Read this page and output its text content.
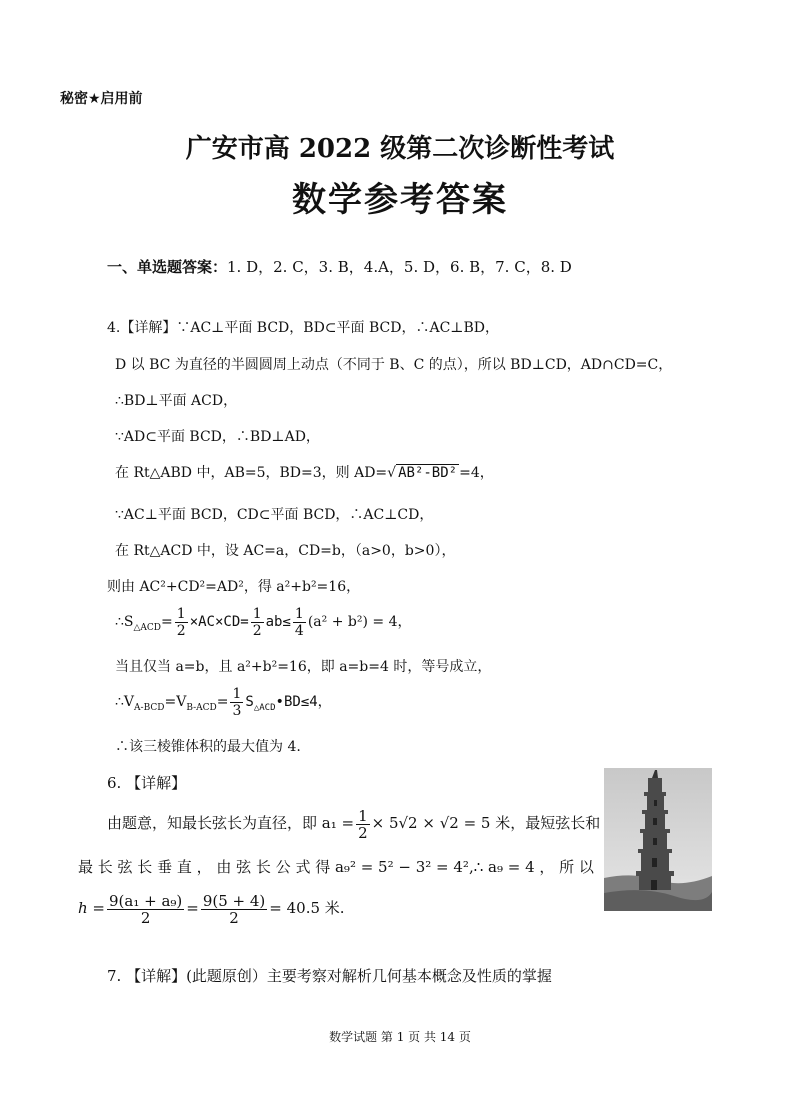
秘密★启用前
广安市高 2022 级第二次诊断性考试
数学参考答案
一、单选题答案：1. D，2. C，3. B，4.A，5. D，6. B，7. C，8. D
4.【详解】∵AC⊥平面 BCD，BD⊂平面 BCD，∴AC⊥BD，
D 以 BC 为直径的半圆圆周上动点（不同于 B、C 的点），所以 BD⊥CD，AD∩CD=C，
∴BD⊥平面 ACD，
∵AD⊂平面 BCD，∴BD⊥AD，
在 Rt△ABD 中，AB=5，BD=3，则 AD=√ AB²-BD² =4，
∵AC⊥平面 BCD，CD⊂平面 BCD，∴AC⊥CD，
在 Rt△ACD 中，设 AC=a，CD=b，（a>0，b>0），
则由 AC²+CD²=AD²，得 a²+b²=16，
$\therefore S_{\triangle ACD}= \frac{1}{2} \times AC\times CD= \frac{1}{2} ab\le \frac{1}{4} (a^2 + b^2) = 4$，
当且仅当 a=b，且 a²+b²=16，即 a=b=4 时，等号成立，
$\therefore V_{A-BCD}=V_{B-ACD}= \frac{1}{3}$ $S_{\triangle ACD}•BD\le 4$，
∴该三棱锥体积的最大值为 4.
6. 【详解】
由题意，知最长弦长为直径，即 $a_1 = \frac{1}{2} \times 5√2 \times √2 = 5$ 米，最短弦长和
最 长 弦 长 垂 直 ， 由 弦 长 公 式 得 a₉² = 5² − 3² = 4²,∴ a₉ = 4 ， 所 以
$h = \frac{\text{9(a₁ + a₉)}}{2} = \frac{9(5 + 4)}{2} = 40.5$ 米.
7. 【详解】(此题原创）主要考察对解析几何基本概念及性质的掌握
数学试题 第 1 页 共 14 页
